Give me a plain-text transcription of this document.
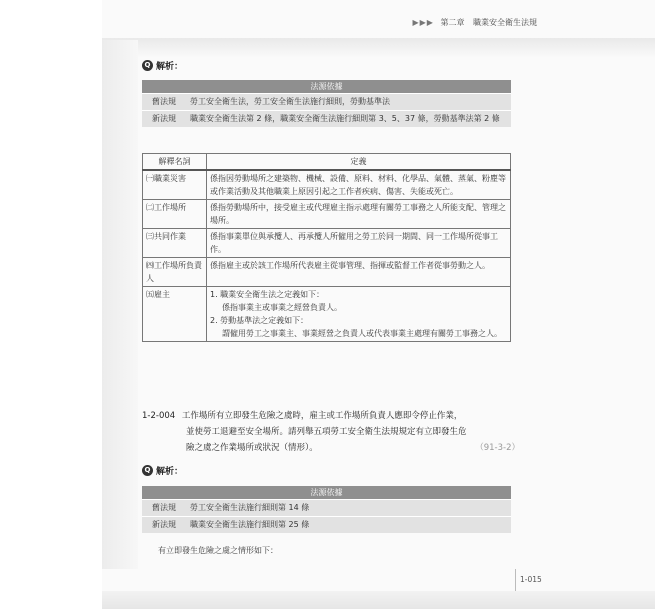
▶▶▶ 第二章 職業安全衛生法規
Q 解析：
法源依據
舊法規	勞工安全衛生法，勞工安全衛生法施行細則，勞動基準法
新法規	職業安全衛生法第 2 條，職業安全衛生法施行細則第 3、5、37 條，勞動基準法第 2 條
解釋名詞	定義
㈠職業災害	係指因勞動場所之建築物、機械、設備、原料、材料、化學品、氣體、蒸氣、粉塵等或作業活動及其他職業上原因引起之工作者疾病、傷害、失能或死亡。
㈡工作場所	係指勞動場所中，接受雇主或代理雇主指示處理有關勞工事務之人所能支配、管理之場所。
㈢共同作業	係指事業單位與承攬人、再承攬人所僱用之勞工於同一期間、同一工作場所從事工作。
㈣工作場所負責人	係指雇主或於該工作場所代表雇主從事管理、指揮或監督工作者從事勞動之人。
㈤雇主	1. 職業安全衛生法之定義如下：
係指事業主或事業之經營負責人。
2. 勞動基準法之定義如下：
謂僱用勞工之事業主、事業經營之負責人或代表事業主處理有關勞工事務之人。
1-2-004 工作場所有立即發生危險之虞時，雇主或工作場所負責人應即令停止作業，
並使勞工退避至安全場所。請列舉五項勞工安全衛生法規規定有立即發生危
險之虞之作業場所或狀況（情形）。	（91-3-2）
Q 解析：
法源依據
舊法規	勞工安全衛生法施行細則第 14 條
新法規	職業安全衛生法施行細則第 25 條
有立即發生危險之虞之情形如下：
1-015
